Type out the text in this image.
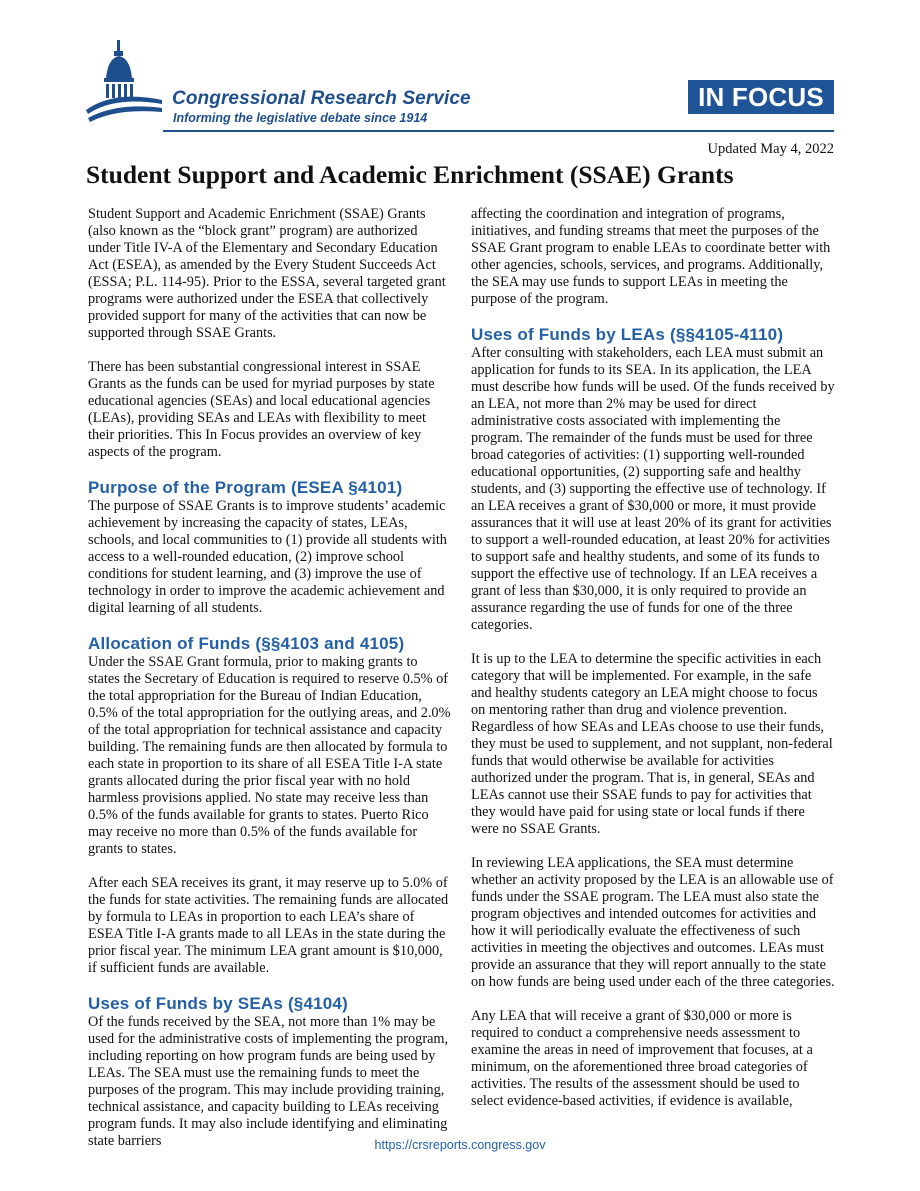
Congressional Research Service
Informing the legislative debate since 1914
IN FOCUS
Updated May 4, 2022
Student Support and Academic Enrichment (SSAE) Grants

Student Support and Academic Enrichment (SSAE) Grants (also known as the “block grant” program) are authorized under Title IV-A of the Elementary and Secondary Education Act (ESEA), as amended by the Every Student Succeeds Act (ESSA; P.L. 114-95). Prior to the ESSA, several targeted grant programs were authorized under the ESEA that collectively provided support for many of the activities that can now be supported through SSAE Grants.

There has been substantial congressional interest in SSAE Grants as the funds can be used for myriad purposes by state educational agencies (SEAs) and local educational agencies (LEAs), providing SEAs and LEAs with flexibility to meet their priorities. This In Focus provides an overview of key aspects of the program.

Purpose of the Program (ESEA §4101)

The purpose of SSAE Grants is to improve students’ academic achievement by increasing the capacity of states, LEAs, schools, and local communities to (1) provide all students with access to a well-rounded education, (2) improve school conditions for student learning, and (3) improve the use of technology in order to improve the academic achievement and digital learning of all students.

Allocation of Funds (§§4103 and 4105)

Under the SSAE Grant formula, prior to making grants to states the Secretary of Education is required to reserve 0.5% of the total appropriation for the Bureau of Indian Education, 0.5% of the total appropriation for the outlying areas, and 2.0% of the total appropriation for technical assistance and capacity building. The remaining funds are then allocated by formula to each state in proportion to its share of all ESEA Title I-A state grants allocated during the prior fiscal year with no hold harmless provisions applied. No state may receive less than 0.5% of the funds available for grants to states. Puerto Rico may receive no more than 0.5% of the funds available for grants to states.

After each SEA receives its grant, it may reserve up to 5.0% of the funds for state activities. The remaining funds are allocated by formula to LEAs in proportion to each LEA’s share of ESEA Title I-A grants made to all LEAs in the state during the prior fiscal year. The minimum LEA grant amount is $10,000, if sufficient funds are available.

Uses of Funds by SEAs (§4104)

Of the funds received by the SEA, not more than 1% may be used for the administrative costs of implementing the program, including reporting on how program funds are being used by LEAs. The SEA must use the remaining funds to meet the purposes of the program. This may include providing training, technical assistance, and capacity building to LEAs receiving program funds. It may also include identifying and eliminating state barriers

affecting the coordination and integration of programs, initiatives, and funding streams that meet the purposes of the SSAE Grant program to enable LEAs to coordinate better with other agencies, schools, services, and programs. Additionally, the SEA may use funds to support LEAs in meeting the purpose of the program.

Uses of Funds by LEAs (§§4105-4110)

After consulting with stakeholders, each LEA must submit an application for funds to its SEA. In its application, the LEA must describe how funds will be used. Of the funds received by an LEA, not more than 2% may be used for direct administrative costs associated with implementing the program. The remainder of the funds must be used for three broad categories of activities: (1) supporting well-rounded educational opportunities, (2) supporting safe and healthy students, and (3) supporting the effective use of technology. If an LEA receives a grant of $30,000 or more, it must provide assurances that it will use at least 20% of its grant for activities to support a well-rounded education, at least 20% for activities to support safe and healthy students, and some of its funds to support the effective use of technology. If an LEA receives a grant of less than $30,000, it is only required to provide an assurance regarding the use of funds for one of the three categories.

It is up to the LEA to determine the specific activities in each category that will be implemented. For example, in the safe and healthy students category an LEA might choose to focus on mentoring rather than drug and violence prevention. Regardless of how SEAs and LEAs choose to use their funds, they must be used to supplement, and not supplant, non-federal funds that would otherwise be available for activities authorized under the program. That is, in general, SEAs and LEAs cannot use their SSAE funds to pay for activities that they would have paid for using state or local funds if there were no SSAE Grants.

In reviewing LEA applications, the SEA must determine whether an activity proposed by the LEA is an allowable use of funds under the SSAE program. The LEA must also state the program objectives and intended outcomes for activities and how it will periodically evaluate the effectiveness of such activities in meeting the objectives and outcomes. LEAs must provide an assurance that they will report annually to the state on how funds are being used under each of the three categories.

Any LEA that will receive a grant of $30,000 or more is required to conduct a comprehensive needs assessment to examine the areas in need of improvement that focuses, at a minimum, on the aforementioned three broad categories of activities. The results of the assessment should be used to select evidence-based activities, if evidence is available,

https://crsreports.congress.gov
